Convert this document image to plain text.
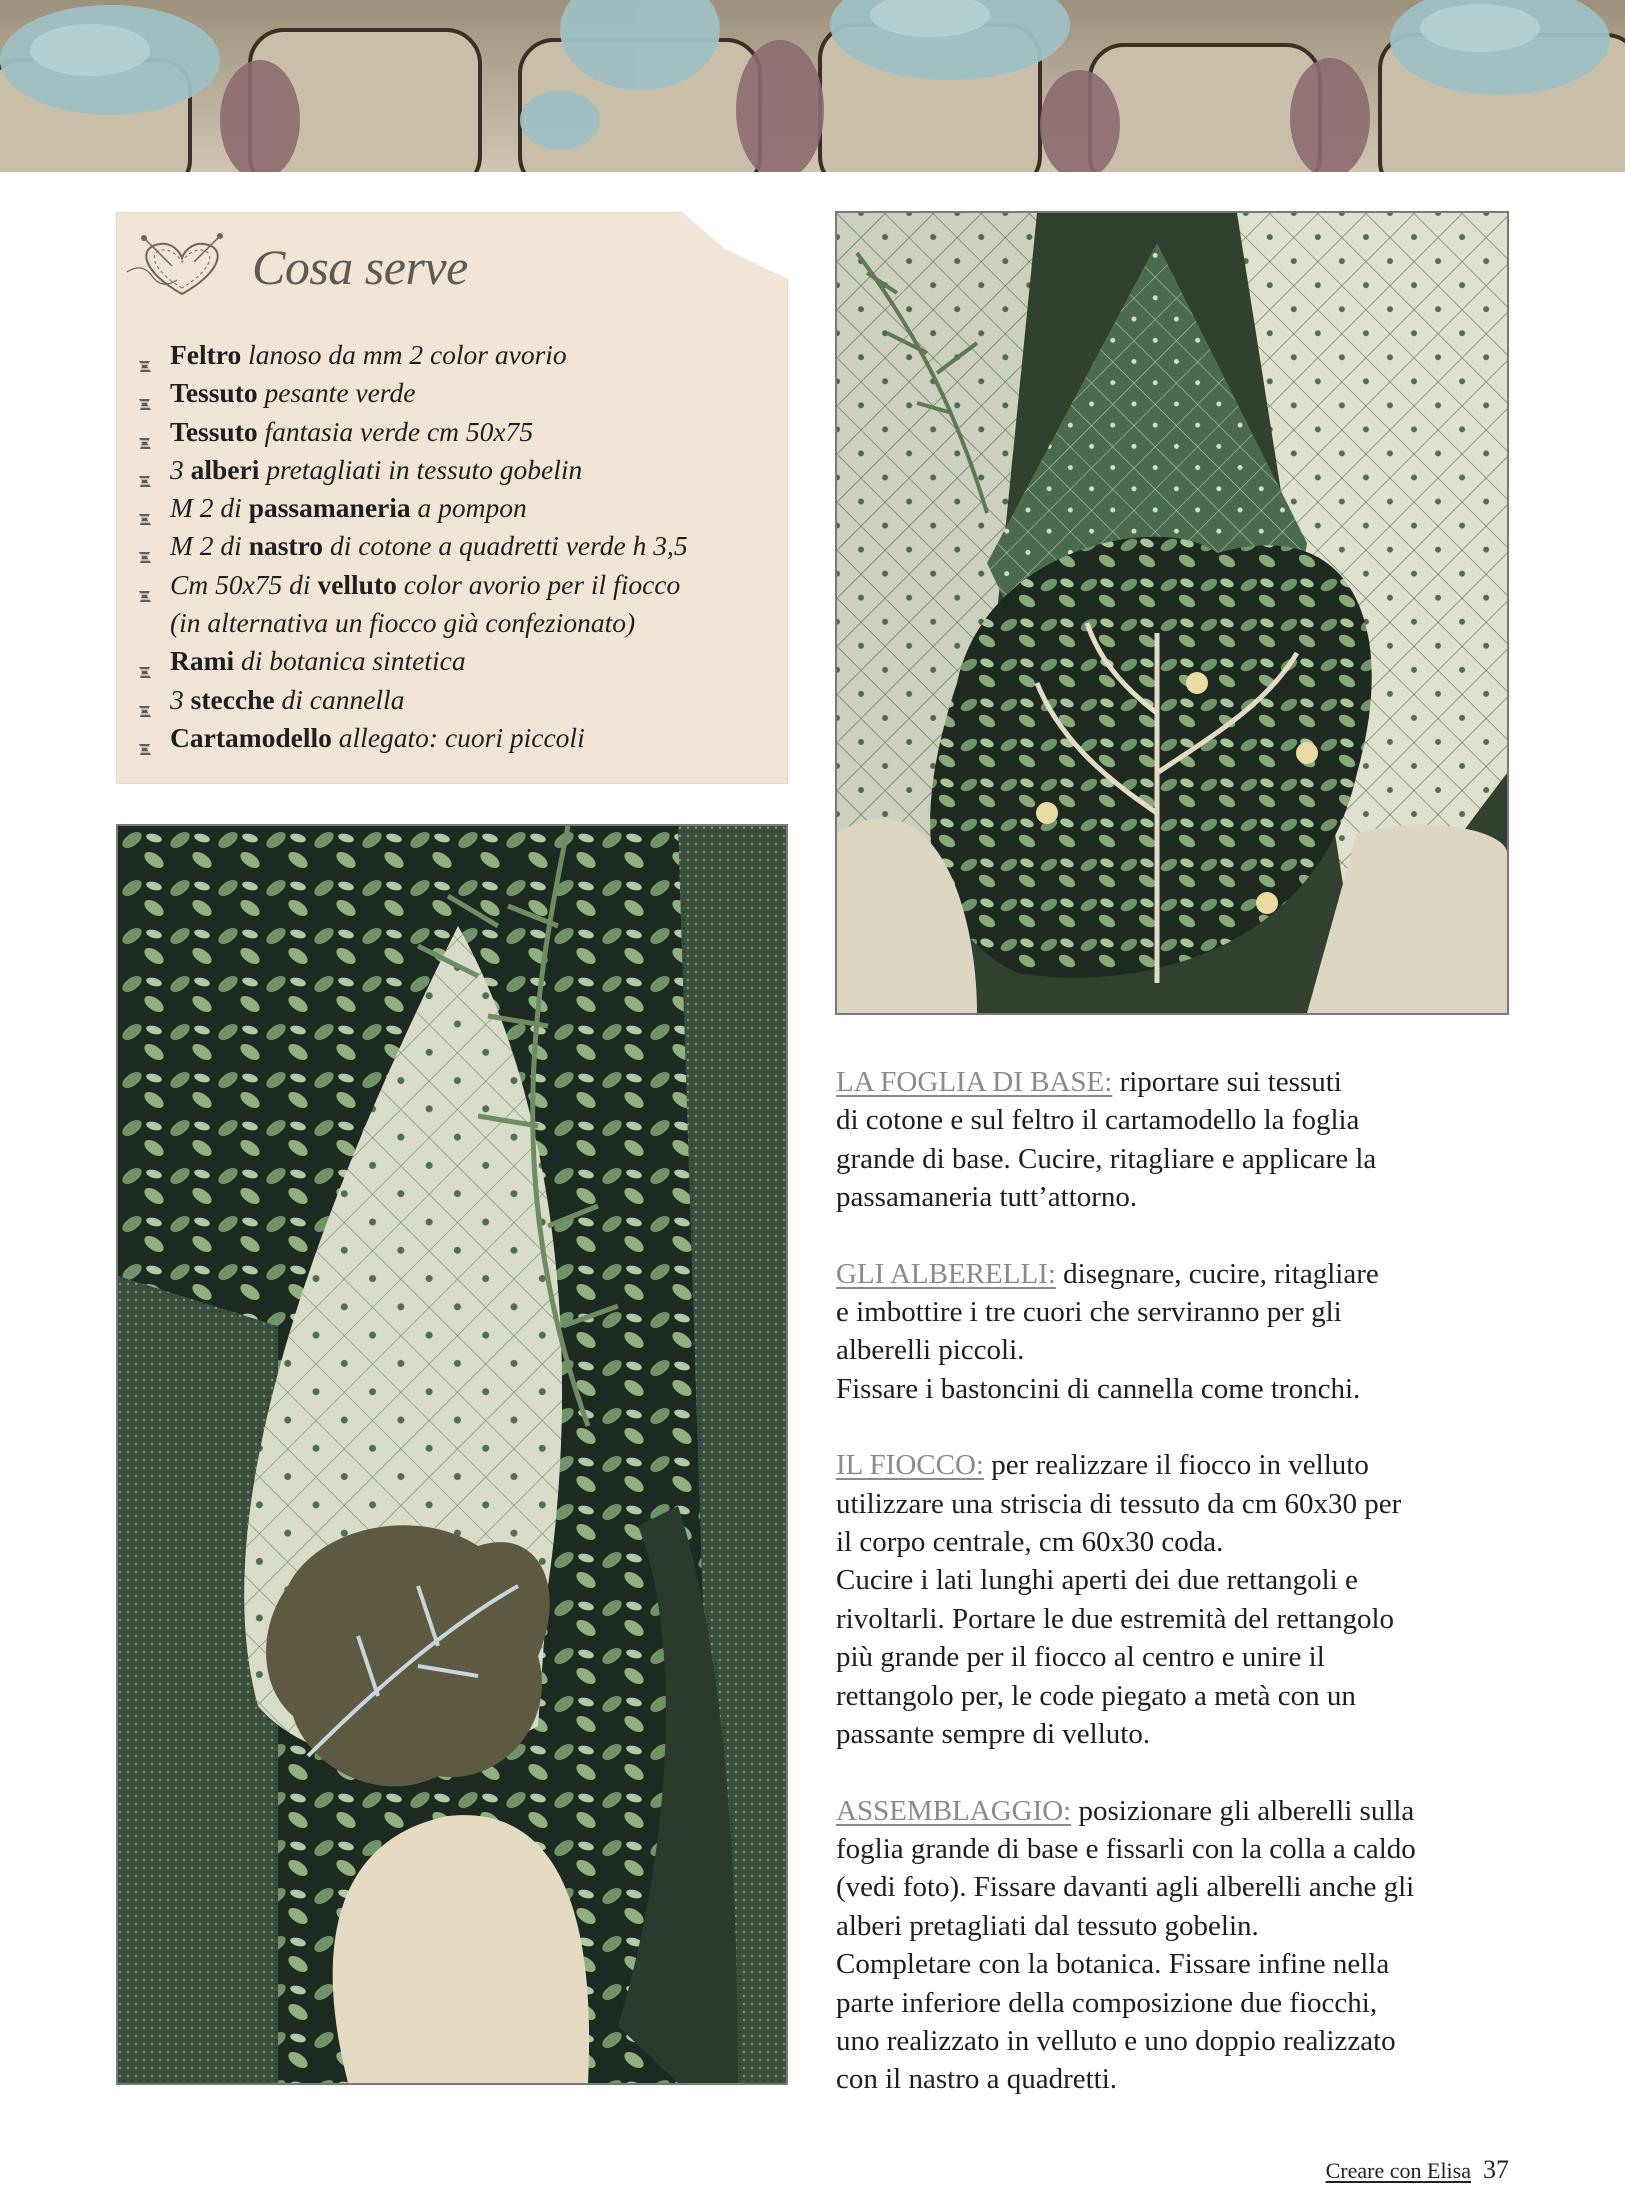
Cosa serve
Feltro lanoso da mm 2 color avorio
Tessuto pesante verde
Tessuto fantasia verde cm 50x75
3 alberi pretagliati in tessuto gobelin
M 2 di passamaneria a pompon
M 2 di nastro di cotone a quadretti verde h 3,5
Cm 50x75 di velluto color avorio per il fiocco
(in alternativa un fiocco già confezionato)
Rami di botanica sintetica
3 stecche di cannella
Cartamodello allegato: cuori piccoli

LA FOGLIA DI BASE: riportare sui tessuti

di cotone e sul feltro il cartamodello la foglia

grande di base. Cucire, ritagliare e applicare la

passamaneria tutt’attorno.

GLI ALBERELLI: disegnare, cucire, ritagliare

e imbottire i tre cuori che serviranno per gli

alberelli piccoli.

Fissare i bastoncini di cannella come tronchi.

IL FIOCCO: per realizzare il fiocco in velluto

utilizzare una striscia di tessuto da cm 60x30 per

il corpo centrale, cm 60x30 coda.

Cucire i lati lunghi aperti dei due rettangoli e

rivoltarli. Portare le due estremità del rettangolo

più grande per il fiocco al centro e unire il

rettangolo per, le code piegato a metà con un

passante sempre di velluto.

ASSEMBLAGGIO: posizionare gli alberelli sulla

foglia grande di base e fissarli con la colla a caldo

(vedi foto). Fissare davanti agli alberelli anche gli

alberi pretagliati dal tessuto gobelin.

Completare con la botanica. Fissare infine nella

parte inferiore della composizione due fiocchi,

uno realizzato in velluto e uno doppio realizzato

con il nastro a quadretti.

Creare con Elisa 37
